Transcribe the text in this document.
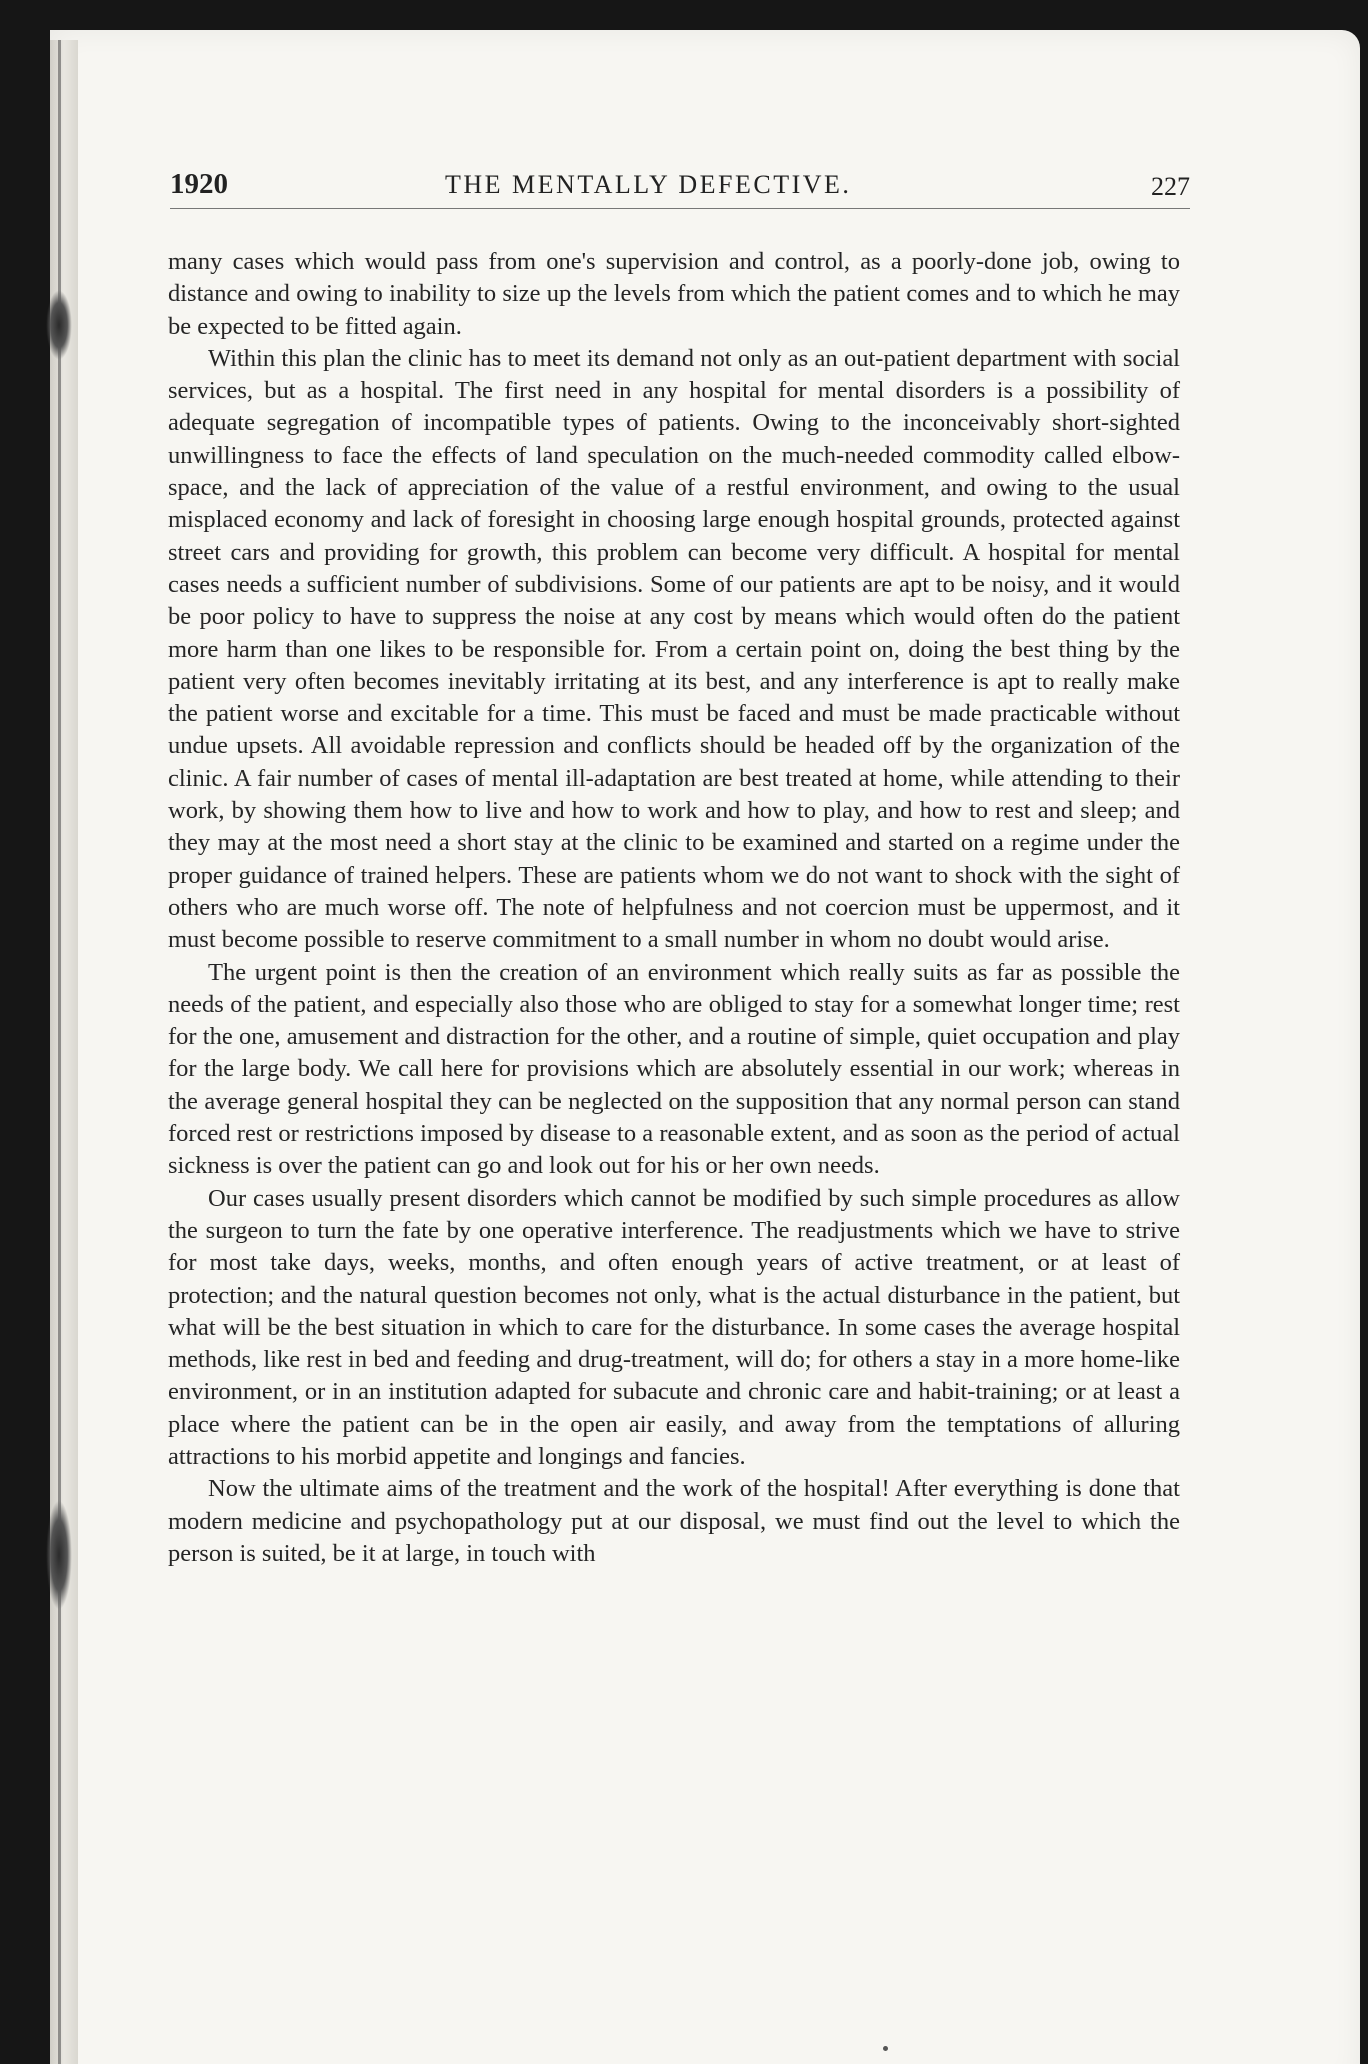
1920	THE MENTALLY DEFECTIVE.	227

many cases which would pass from one's supervision and control, as a poorly-done job, owing to distance and owing to inability to size up the levels from which the patient comes and to which he may be expected to be fitted again.

Within this plan the clinic has to meet its demand not only as an out-patient department with social services, but as a hospital. The first need in any hospital for mental disorders is a possibility of adequate segregation of incompatible types of patients. Owing to the inconceivably short-sighted unwillingness to face the effects of land speculation on the much-needed commodity called elbow-space, and the lack of appreciation of the value of a restful environment, and owing to the usual misplaced economy and lack of foresight in choosing large enough hospital grounds, protected against street cars and providing for growth, this problem can become very difficult. A hospital for mental cases needs a sufficient number of subdivisions. Some of our patients are apt to be noisy, and it would be poor policy to have to suppress the noise at any cost by means which would often do the patient more harm than one likes to be responsible for. From a certain point on, doing the best thing by the patient very often becomes inevitably irritating at its best, and any interference is apt to really make the patient worse and excitable for a time. This must be faced and must be made practicable without undue upsets. All avoidable repression and conflicts should be headed off by the organization of the clinic. A fair number of cases of mental ill-adaptation are best treated at home, while attending to their work, by showing them how to live and how to work and how to play, and how to rest and sleep; and they may at the most need a short stay at the clinic to be examined and started on a regime under the proper guidance of trained helpers. These are patients whom we do not want to shock with the sight of others who are much worse off. The note of helpfulness and not coercion must be uppermost, and it must become possible to reserve commitment to a small number in whom no doubt would arise.

The urgent point is then the creation of an environment which really suits as far as possible the needs of the patient, and especially also those who are obliged to stay for a somewhat longer time; rest for the one, amusement and distraction for the other, and a routine of simple, quiet occupation and play for the large body. We call here for provisions which are absolutely essential in our work; whereas in the average general hospital they can be neglected on the supposition that any normal person can stand forced rest or restrictions imposed by disease to a reasonable extent, and as soon as the period of actual sickness is over the patient can go and look out for his or her own needs.

Our cases usually present disorders which cannot be modified by such simple procedures as allow the surgeon to turn the fate by one operative interference. The readjustments which we have to strive for most take days, weeks, months, and often enough years of active treatment, or at least of protection; and the natural question becomes not only, what is the actual disturbance in the patient, but what will be the best situation in which to care for the disturbance. In some cases the average hospital methods, like rest in bed and feeding and drug-treatment, will do; for others a stay in a more home-like environment, or in an institution adapted for subacute and chronic care and habit-training; or at least a place where the patient can be in the open air easily, and away from the temptations of alluring attractions to his morbid appetite and longings and fancies.

Now the ultimate aims of the treatment and the work of the hospital! After everything is done that modern medicine and psychopathology put at our disposal, we must find out the level to which the person is suited, be it at large, in touch with
